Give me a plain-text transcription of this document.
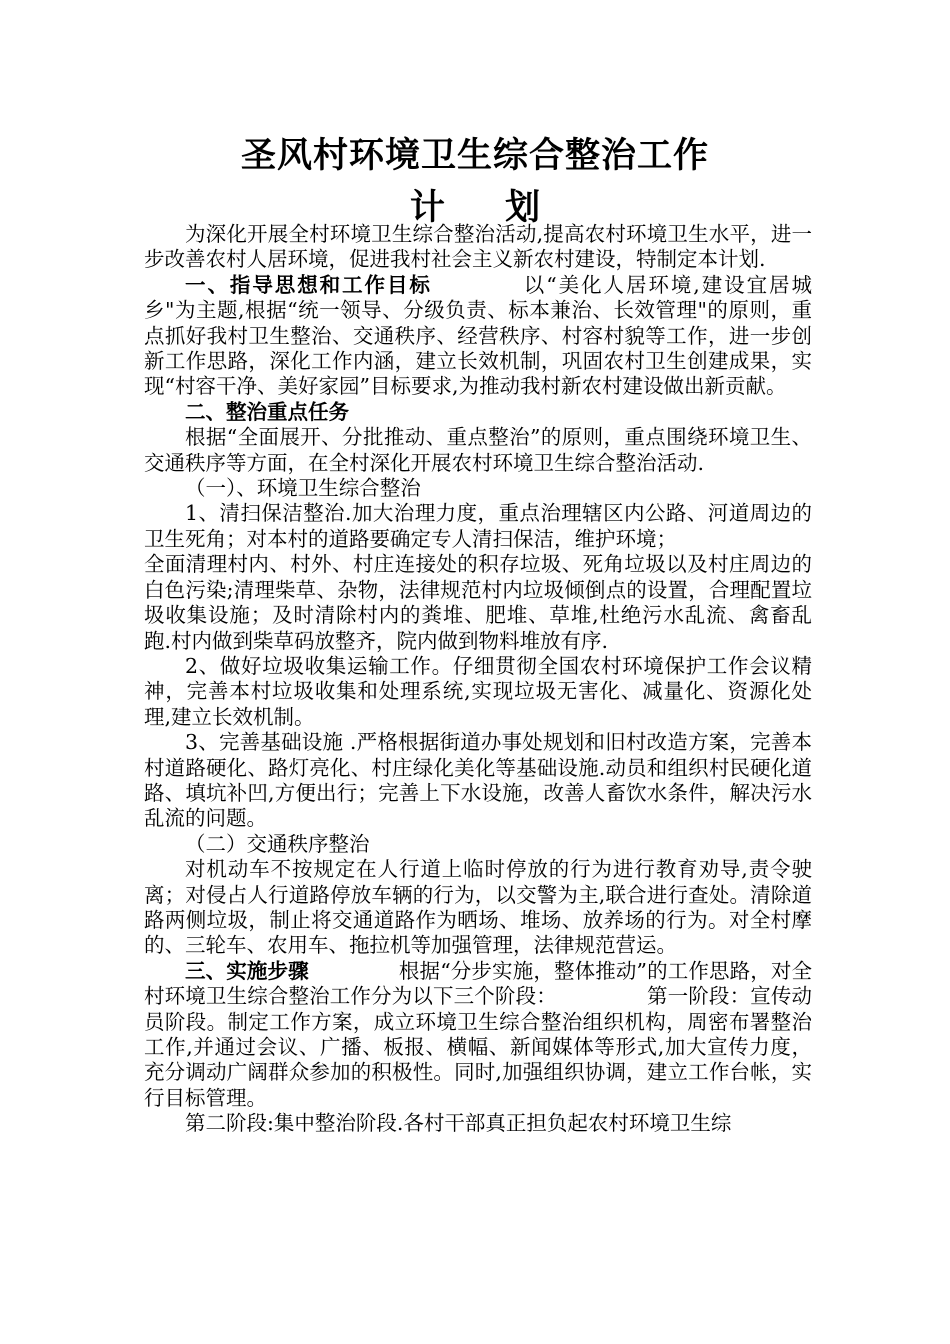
圣风村环境卫生综合整治工作
计 划

为深化开展全村环境卫生综合整治活动,提高农村环境卫生水平，进一步改善农村人居环境，促进我村社会主义新农村建设，特制定本计划.

一、指导思想和工作目标	以“美化人居环境,建设宜居城乡"为主题,根据“统一领导、分级负责、标本兼治、长效管理"的原则，重点抓好我村卫生整治、交通秩序、经营秩序、村容村貌等工作，进一步创新工作思路，深化工作内涵，建立长效机制，巩固农村卫生创建成果，实现“村容干净、美好家园”目标要求,为推动我村新农村建设做出新贡献。

二、整治重点任务

根据“全面展开、分批推动、重点整治”的原则，重点围绕环境卫生、交通秩序等方面，在全村深化开展农村环境卫生综合整治活动.

（一）、环境卫生综合整治

1、清扫保洁整治.加大治理力度，重点治理辖区内公路、河道周边的卫生死角；对本村的道路要确定专人清扫保洁，维护环境；

全面清理村内、村外、村庄连接处的积存垃圾、死角垃圾以及村庄周边的白色污染;清理柴草、杂物，法律规范村内垃圾倾倒点的设置，合理配置垃圾收集设施；及时清除村内的粪堆、肥堆、草堆,杜绝污水乱流、禽畜乱跑.村内做到柴草码放整齐，院内做到物料堆放有序.

2、做好垃圾收集运输工作。仔细贯彻全国农村环境保护工作会议精神，完善本村垃圾收集和处理系统,实现垃圾无害化、减量化、资源化处理,建立长效机制。

3、完善基础设施 .严格根据街道办事处规划和旧村改造方案，完善本村道路硬化、路灯亮化、村庄绿化美化等基础设施.动员和组织村民硬化道路、填坑补凹,方便出行；完善上下水设施，改善人畜饮水条件，解决污水乱流的问题。

（二）交通秩序整治

对机动车不按规定在人行道上临时停放的行为进行教育劝导,责令驶离；对侵占人行道路停放车辆的行为，以交警为主,联合进行查处。清除道路两侧垃圾，制止将交通道路作为晒场、堆场、放养场的行为。对全村摩的、三轮车、农用车、拖拉机等加强管理，法律规范营运。

三、实施步骤	根据“分步实施，整体推动”的工作思路，对全村环境卫生综合整治工作分为以下三个阶段：	第一阶段：宣传动员阶段。制定工作方案，成立环境卫生综合整治组织机构，周密布署整治工作,并通过会议、广播、板报、横幅、新闻媒体等形式,加大宣传力度，充分调动广阔群众参加的积极性。同时,加强组织协调，建立工作台帐，实行目标管理。

第二阶段:集中整治阶段.各村干部真正担负起农村环境卫生综
